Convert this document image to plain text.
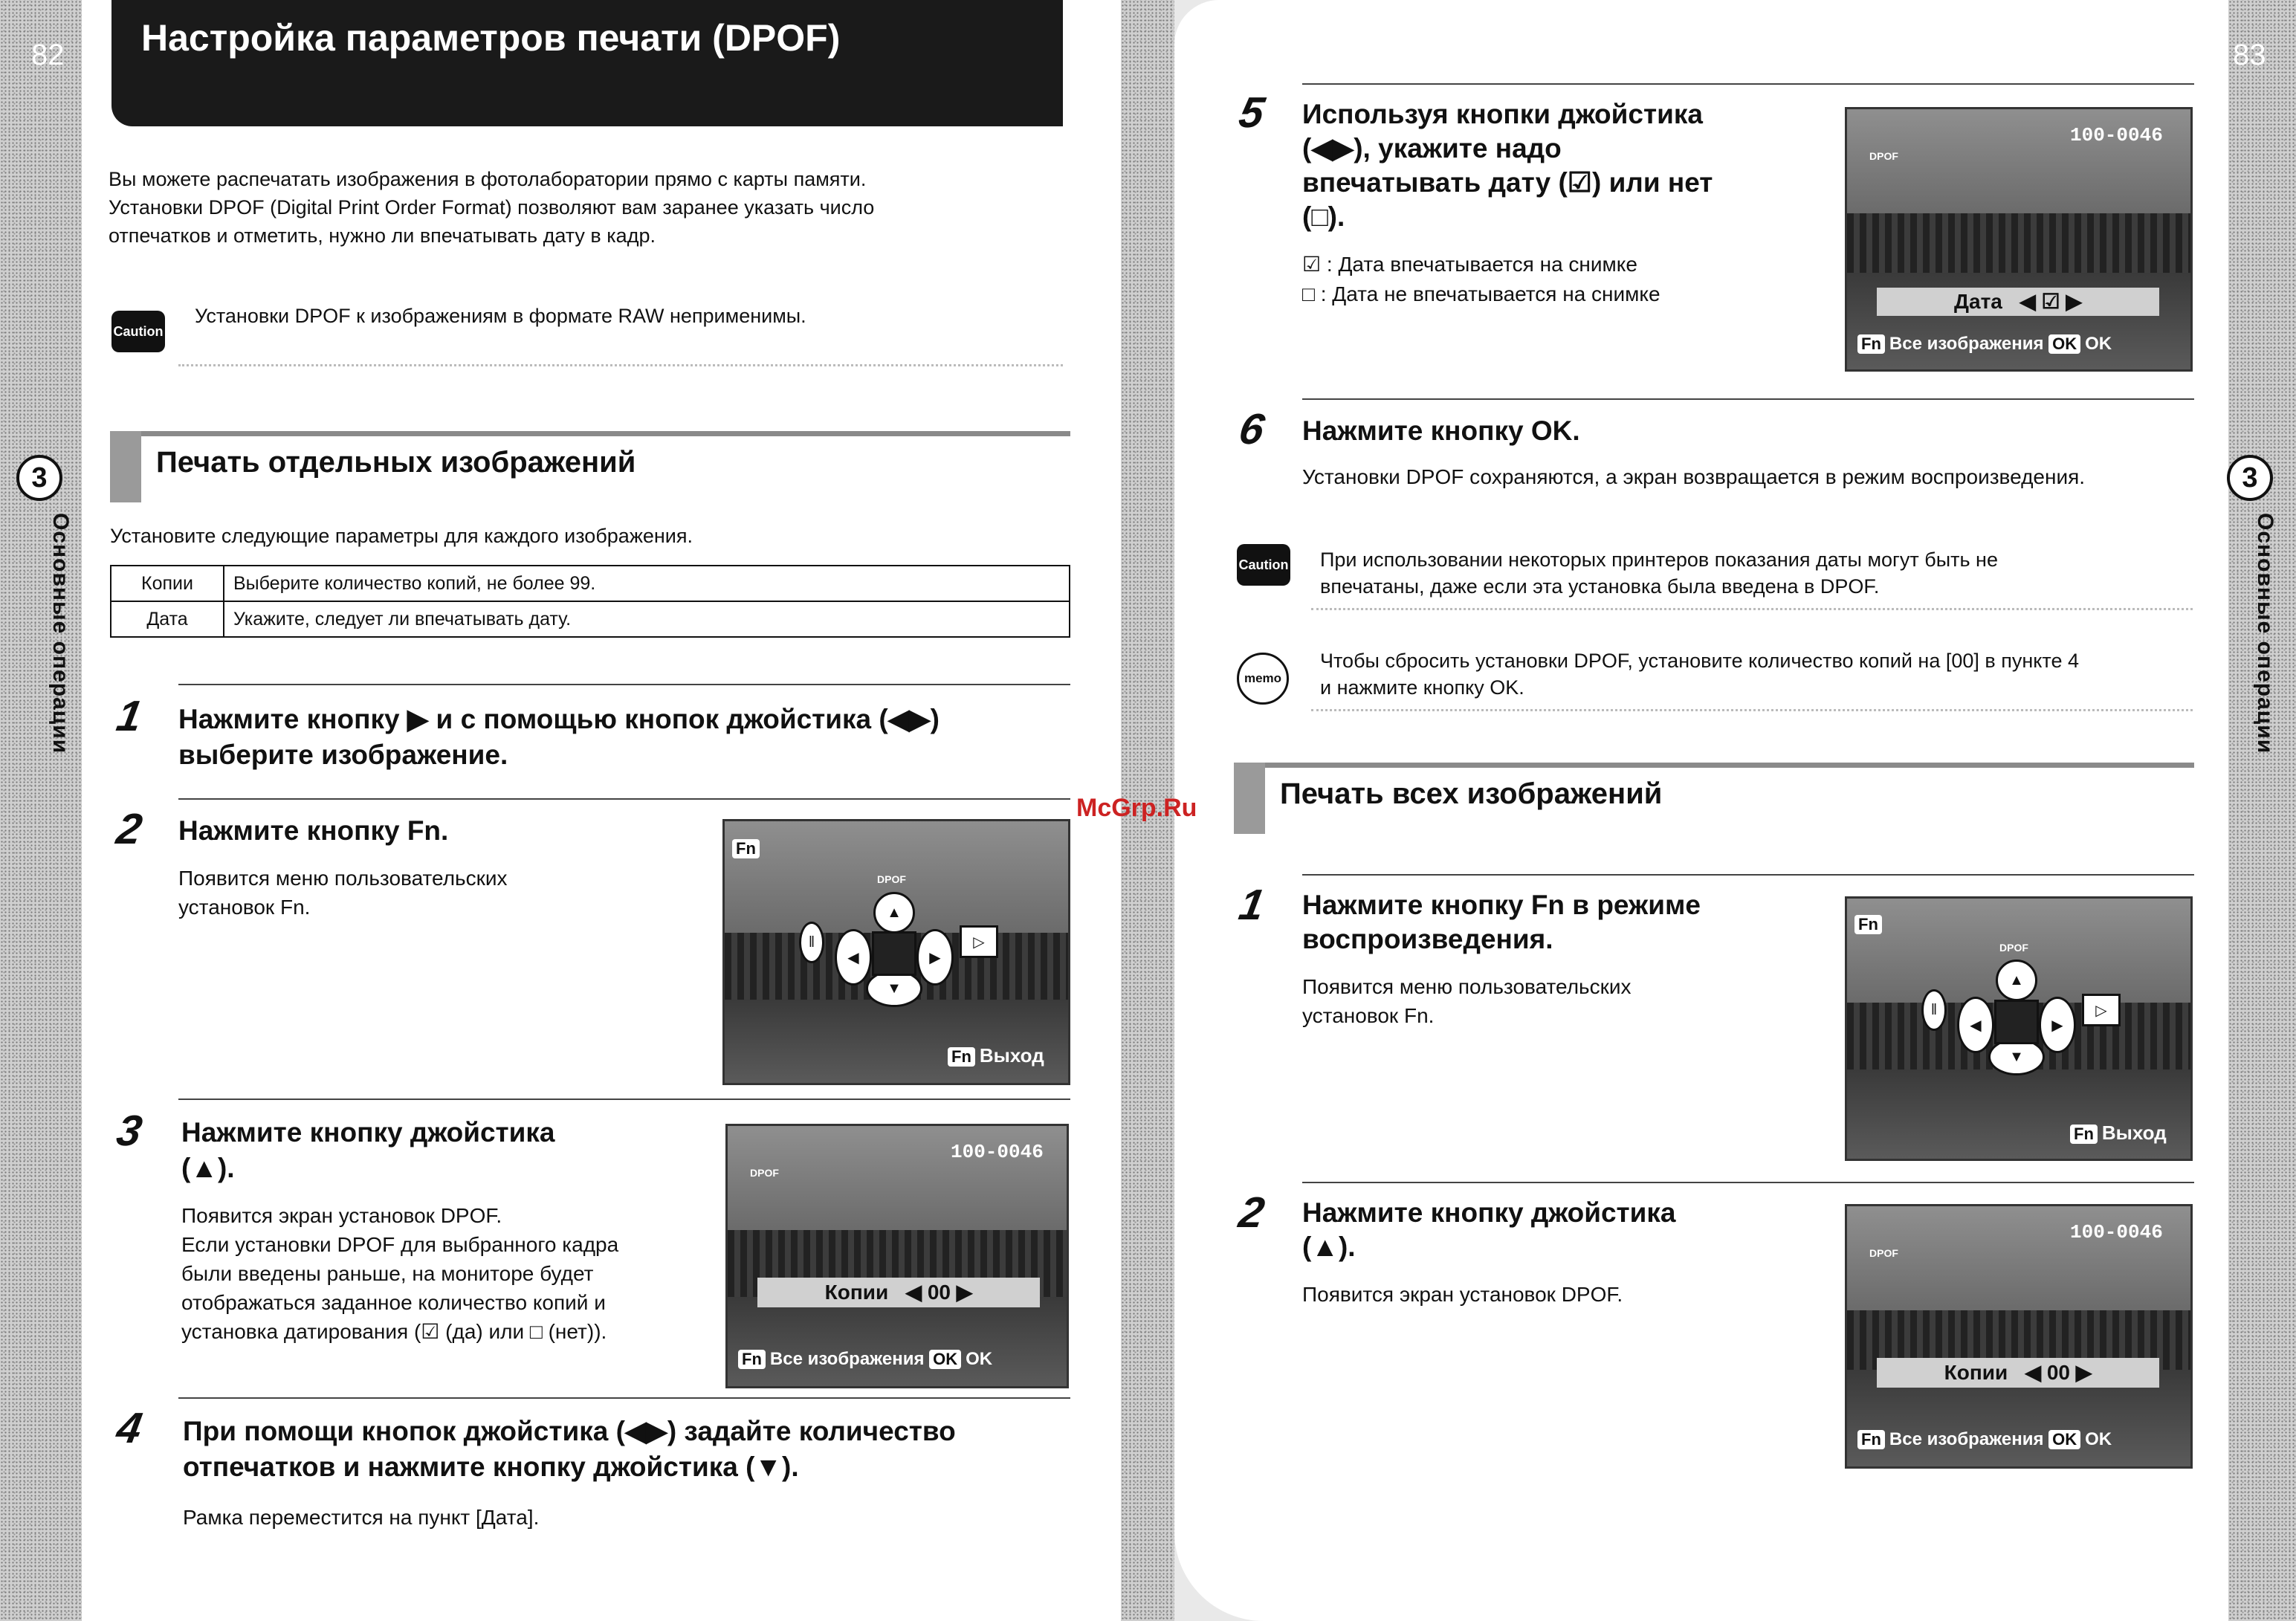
82 Настройка параметров печати (DPOF)
Вы можете распечатать изображения в фотолаборатории прямо с карты памяти.
Установки DPOF (Digital Print Order Format) позволяют вам заранее указать число
отпечатков и отметить, нужно ли впечатывать дату в кадр.
Caution
Установки DPOF к изображениям в формате RAW неприменимы.
3
Основные операции
Печать отдельных изображений
Установите следующие параметры для каждого изображения.
Копии	Выберите количество копий, не более 99.
Дата	Укажите, следует ли впечатывать дату.
1 Нажмите кнопку ▶ и с помощью кнопок джойстика (◀▶)
выберите изображение.
2 Нажмите кнопку Fn.
Появится меню пользовательских
установок Fn.
Fn
DPOF
▲
◀	▶
▼
‖	▷
Fn Выход
3 Нажмите кнопку джойстика
(▲).
Появится экран установок DPOF.
Если установки DPOF для выбранного кадра
были введены раньше, на мониторе будет
отображаться заданное количество копий и
установка датирования (☑ (да) или □ (нет)).
DPOF
100-0046
Копии ◀ 00 ▶
Fn Все изображения OK OK
4 При помощи кнопок джойстика (◀▶) задайте количество
отпечатков и нажмите кнопку джойстика (▼).
Рамка переместится на пункт [Дата].
83
3
Основные операции
5 Используя кнопки джойстика
(◀▶), укажите надо
впечатывать дату (☑) или нет
(□).
☑ : Дата впечатывается на снимке
□ : Дата не впечатывается на снимке
DPOF
100-0046
Дата ◀ ☑ ▶
Fn Все изображения OK OK
6 Нажмите кнопку OK.
Установки DPOF сохраняются, а экран возвращается в режим воспроизведения.
Caution При использовании некоторых принтеров показания даты могут быть не
впечатаны, даже если эта установка была введена в DPOF.
memo
Чтобы сбросить установки DPOF, установите количество копий на [00] в пункте 4
и нажмите кнопку OK.
Печать всех изображений
1 Нажмите кнопку Fn в режиме
воспроизведения.
Появится меню пользовательских
установок Fn.
Fn
DPOF
▲
◀	▶
▼
‖	▷
Fn Выход
2 Нажмите кнопку джойстика
(▲).
Появится экран установок DPOF.
DPOF
100-0046
Копии ◀ 00 ▶
Fn Все изображения OK OK
McGrp.Ru
